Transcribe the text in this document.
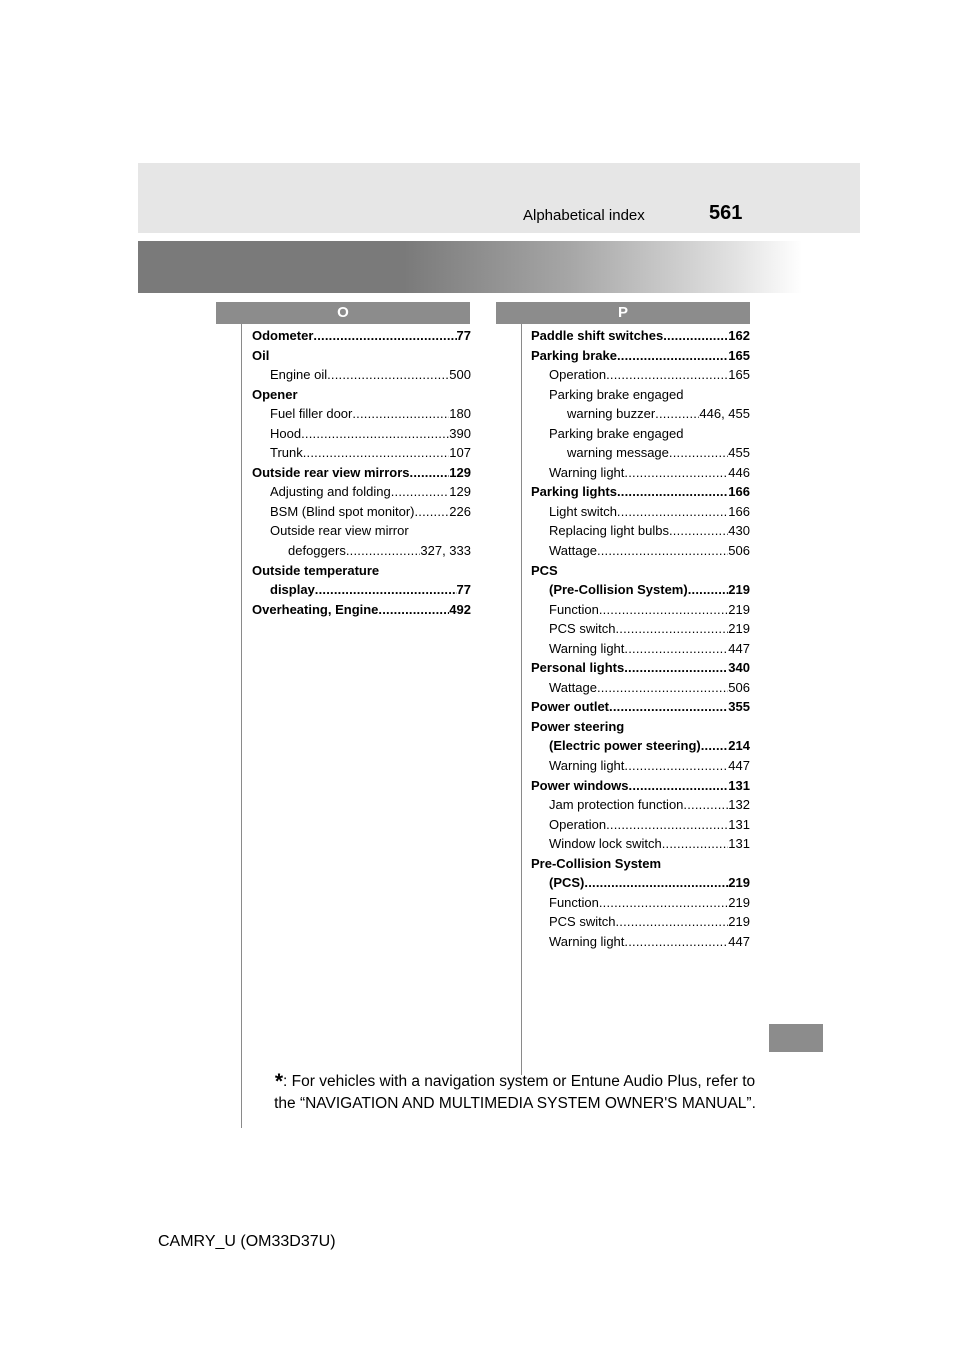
Alphabetical index	561
O	P
Odometer .....	77
Oil
Engine oil .....	500
Opener
Fuel filler door .....	180
Hood .....	390
Trunk .....	107
Outside rear view mirrors .....	129
Adjusting and folding .....	129
BSM (Blind spot monitor) .....	226
Outside rear view mirror
defoggers .....	327, 333
Outside temperature
display .....	77
Overheating, Engine .....	492
Paddle shift switches .....	162
Parking brake .....	165
Operation .....	165
Parking brake engaged
warning buzzer .....	446, 455
Parking brake engaged
warning message .....	455
Warning light .....	446
Parking lights .....	166
Light switch .....	166
Replacing light bulbs .....	430
Wattage .....	506
PCS
(Pre-Collision System) .....	219
Function .....	219
PCS switch .....	219
Warning light .....	447
Personal lights .....	340
Wattage .....	506
Power outlet .....	355
Power steering
(Electric power steering) ..... 214
Warning light .....	447
Power windows .....	131
Jam protection function .....	132
Operation .....	131
Window lock switch .....	131
Pre-Collision System
(PCS) .....	219
Function .....	219
PCS switch .....	219
Warning light .....	447
*: For vehicles with a navigation system or Entune Audio Plus, refer to
the “NAVIGATION AND MULTIMEDIA SYSTEM OWNER'S MANUAL”.
CAMRY_U (OM33D37U)
